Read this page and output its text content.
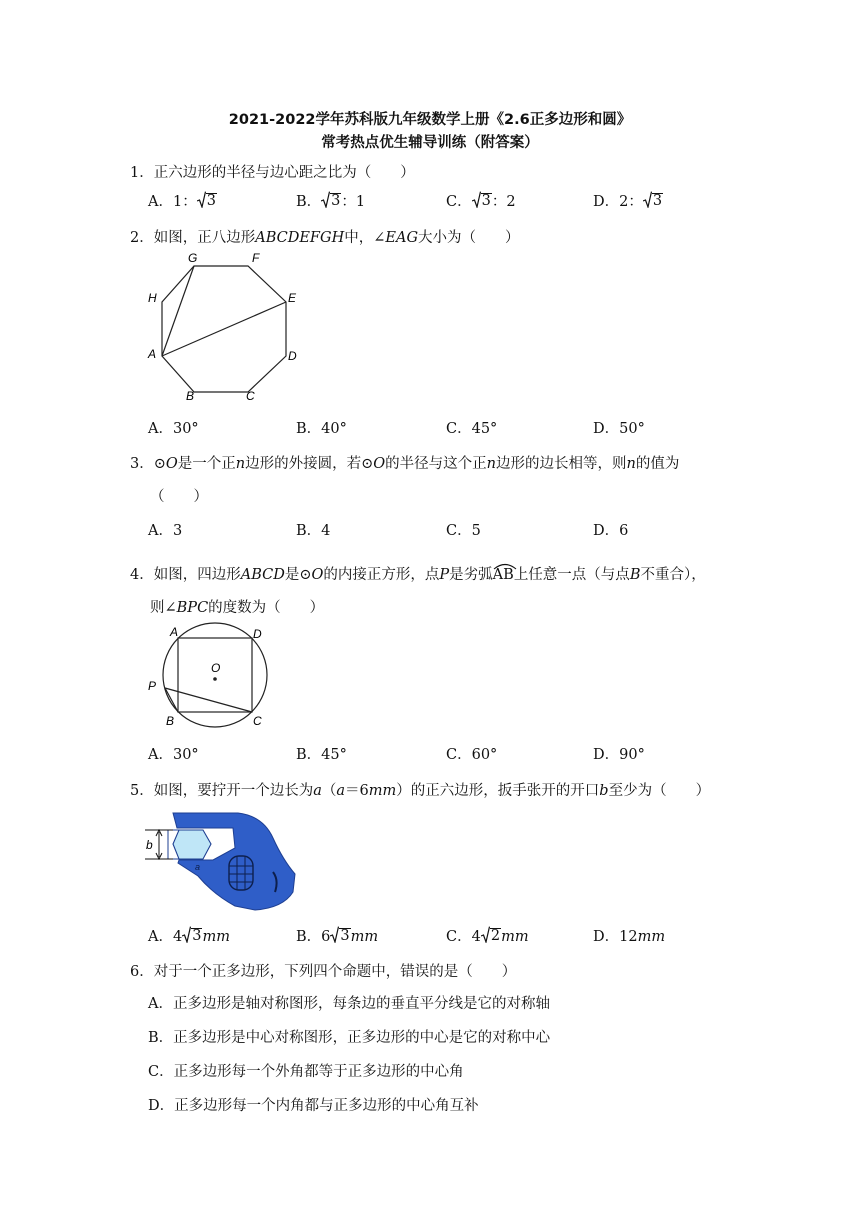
2021-2022学年苏科版九年级数学上册《2.6正多边形和圆》
常考热点优生辅导训练（附答案）
1．正六边形的半径与边心距之比为（　　）
A．1： 3	B． 3 ：1	C． 3 ：2	D．2： 3
2．如图，正八边形ABCDEFGH中，∠EAG大小为（　　）
G	F
H	E
A	D
B	C
A．30°	B．40°	C．45°	D．50°
3．⊙O是一个正n边形的外接圆，若⊙O的半径与这个正n边形的边长相等，则n的值为
（　　）
A．3	B．4	C．5	D．6
4．如图，四边形ABCD是⊙O的内接正方形，点P是劣弧
AB上任意一点（与点B不重合），
则∠BPC的度数为（　　）
A	D
O
P
B	C
A．30°	B．45°	C．60°	D．90°
5．如图，要拧开一个边长为a（a＝6mm）的正六边形，扳手张开的开口b至少为（　　）
b
a
A．4 3 mm	B．6 3 mm	C．4 2 mm	D．12mm
6．对于一个正多边形，下列四个命题中，错误的是（　　）
A．正多边形是轴对称图形，每条边的垂直平分线是它的对称轴
B．正多边形是中心对称图形，正多边形的中心是它的对称中心
C．正多边形每一个外角都等于正多边形的中心角
D．正多边形每一个内角都与正多边形的中心角互补
